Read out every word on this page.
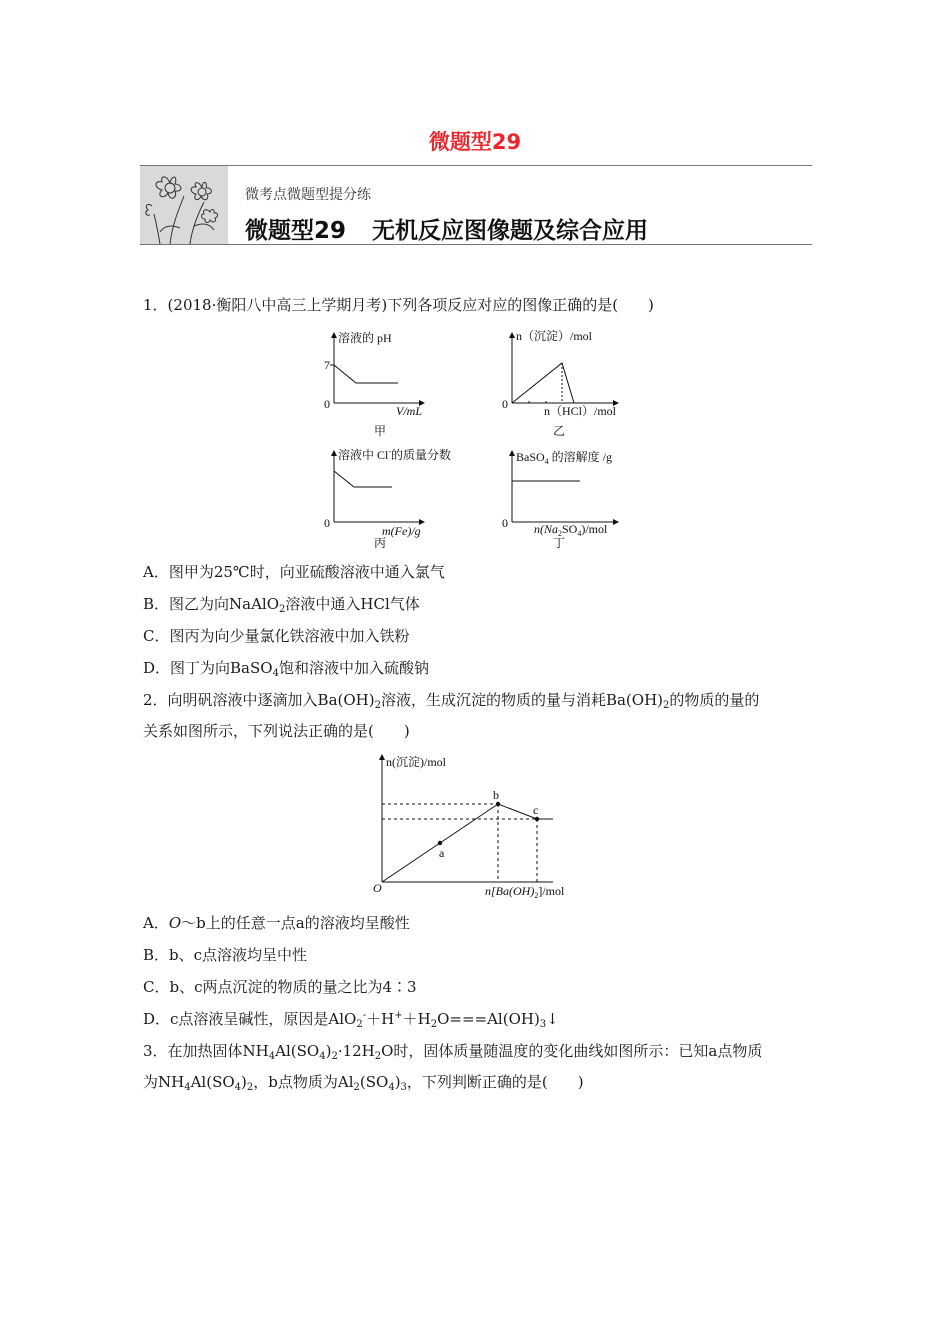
微题型29
微考点微题型提分练
微题型29 无机反应图像题及综合应用
1．(2018·衡阳八中高三上学期月考)下列各项反应对应的图像正确的是(　　)
溶液的 pH
7
0	V/mL
甲
n（沉淀）/mol
0	n（HCl）/mol
乙
溶液中 Cl-的质量分数
0
m(Fe)/g
丙
BaSO$_4$ 的溶解度 /g
0 $n(Na_2SO_4)$/mol
丁
A．图甲为25℃时，向亚硫酸溶液中通入氯气
B．图乙为向NaAlO$_2$溶液中通入HCl气体
C．图丙为向少量氯化铁溶液中加入铁粉
D．图丁为向BaSO$_4$饱和溶液中加入硫酸钠
2．向明矾溶液中逐滴加入$Ba(OH)_2$溶液，生成沉淀的物质的量与消耗$Ba(OH)_2$的物质的量的
关系如图所示，下列说法正确的是(　　)
a
b
c
n(沉淀)/mol
O	$n[Ba(OH)_2]$/mol
A．O～b上的任意一点a的溶液均呈酸性
B．b、c点溶液均呈中性
C．b、c两点沉淀的物质的量之比为4∶3
D．c点溶液呈碱性，原因是$AlO_2^-+H^++H_2O===Al(OH)_3↓$
3．在加热固体$NH_4Al(SO_4)_2\cdot 12H_2O$时，固体质量随温度的变化曲线如图所示：已知a点物质
为$NH_4Al(SO_4)_2$，b点物质为$Al_2(SO_4)_3$，下列判断正确的是(　　)
